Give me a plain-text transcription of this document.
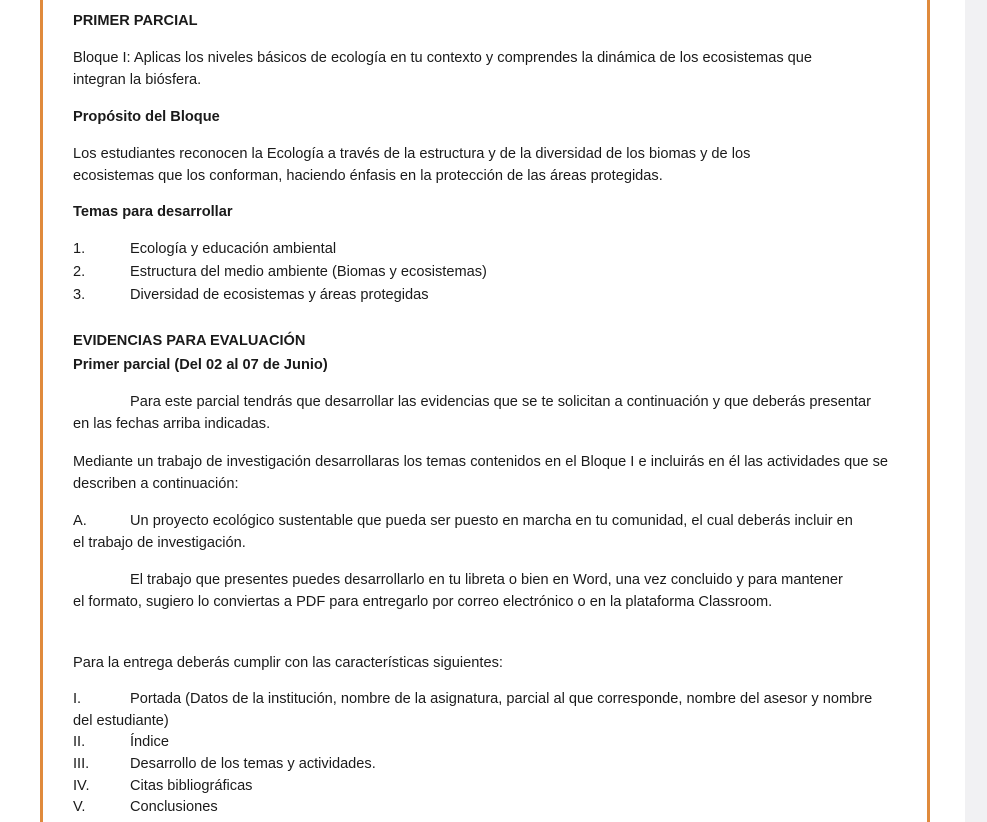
PRIMER PARCIAL
Bloque I: Aplicas los niveles básicos de ecología en tu contexto y comprendes la dinámica de los ecosistemas que integran la biósfera.
Propósito del Bloque
Los estudiantes reconocen la Ecología a través de la estructura y de la diversidad de los biomas y de los ecosistemas que los conforman, haciendo énfasis en la protección de las áreas protegidas.
Temas para desarrollar
1.	Ecología y educación ambiental
2.	Estructura del medio ambiente (Biomas y ecosistemas)
3.	Diversidad de ecosistemas y áreas protegidas
EVIDENCIAS PARA EVALUACIÓN
Primer parcial (Del 02 al 07 de Junio)
Para este parcial tendrás que desarrollar las evidencias que se te solicitan a continuación y que deberás presentar en las fechas arriba indicadas.
Mediante un trabajo de investigación desarrollaras los temas contenidos en el Bloque I e incluirás en él las actividades que se describen a continuación:
A.	Un proyecto ecológico sustentable que pueda ser puesto en marcha en tu comunidad, el cual deberás incluir en el trabajo de investigación.
El trabajo que presentes puedes desarrollarlo en tu libreta o bien en Word, una vez concluido y para mantener el formato, sugiero lo conviertas a PDF para entregarlo por correo electrónico o en la plataforma Classroom.
Para la entrega deberás cumplir con las características siguientes:
I.	Portada (Datos de la institución, nombre de la asignatura, parcial al que corresponde, nombre del asesor y nombre del estudiante)
II.	Índice
III.	Desarrollo de los temas y actividades.
IV.	Citas bibliográficas
V.	Conclusiones
